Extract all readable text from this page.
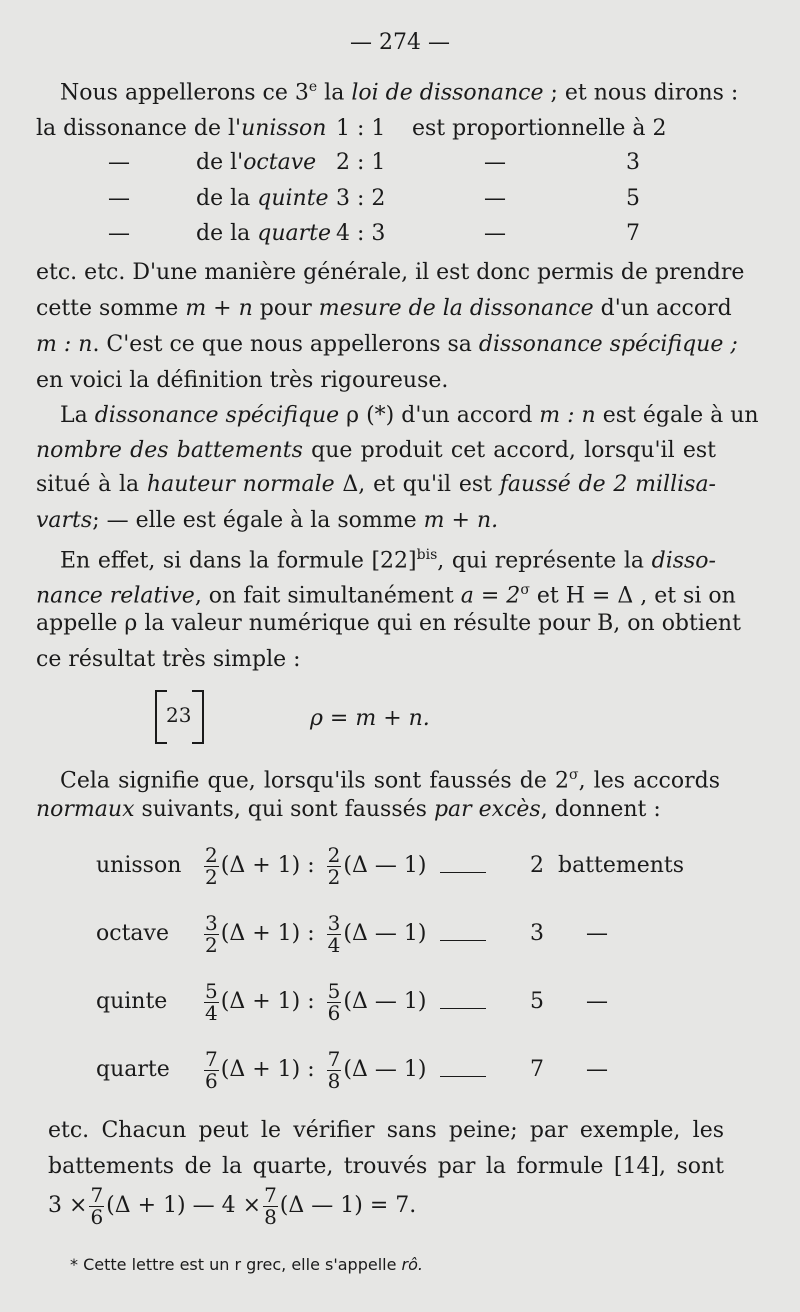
— 274 —
Nous appellerons ce 3e la loi de dissonance ; et nous dirons :
la dissonance de l'unisson 1 : 1 est proportionnelle à 2
—	de l'octave 2 : 1	—	3
—	de la quinte 3 : 2	—	5
—	de la quarte 4 : 3	—	7
etc. etc. D'une manière générale, il est donc permis de prendre
cette somme m + n pour mesure de la dissonance d'un accord
m : n. C'est ce que nous appellerons sa dissonance spécifique ;
en voici la définition très rigoureuse.
La dissonance spécifique ρ (*) d'un accord m : n est égale à un
nombre des battements que produit cet accord, lorsqu'il est
situé à la hauteur normale Δ, et qu'il est faussé de 2 millisa-
varts; — elle est égale à la somme m + n.
En effet, si dans la formule $[22]^{bis}$, qui représente la disso-
nance relative, on fait simultanément $a = 2^\sigma$ et H = Δ , et si on
appelle ρ la valeur numérique qui en résulte pour B, on obtient
ce résultat très simple :
23	ρ = m + n.
Cela signifie que, lorsqu'ils sont faussés de $2^\sigma$, les accords
normaux suivants, qui sont faussés par excès, donnent :
unisson $\frac{2}{2} (\Delta + 1)$ : $\frac{2}{2} (\Delta$ — 1)	2  battements
octave $\frac{3}{2} (\Delta + 1)$ : $\frac{3}{4} (\Delta$ — 1)	3      —
quinte $\frac{5}{4} (\Delta + 1)$ : $\frac{5}{6} (\Delta$ — 1)	5      —
quarte $\frac{7}{6} (\Delta + 1)$ : $\frac{7}{8} (\Delta$ — 1)	7      —
etc. Chacun peut le vérifier sans peine; par exemple, les
battements de la quarte, trouvés par la formule [14], sont
$3 \times \frac{7}{6} (\Delta + 1)$ — $4 \times \frac{7}{8} (\Delta$ — 1) = 7.
* Cette lettre est un r grec, elle s'appelle rô.
